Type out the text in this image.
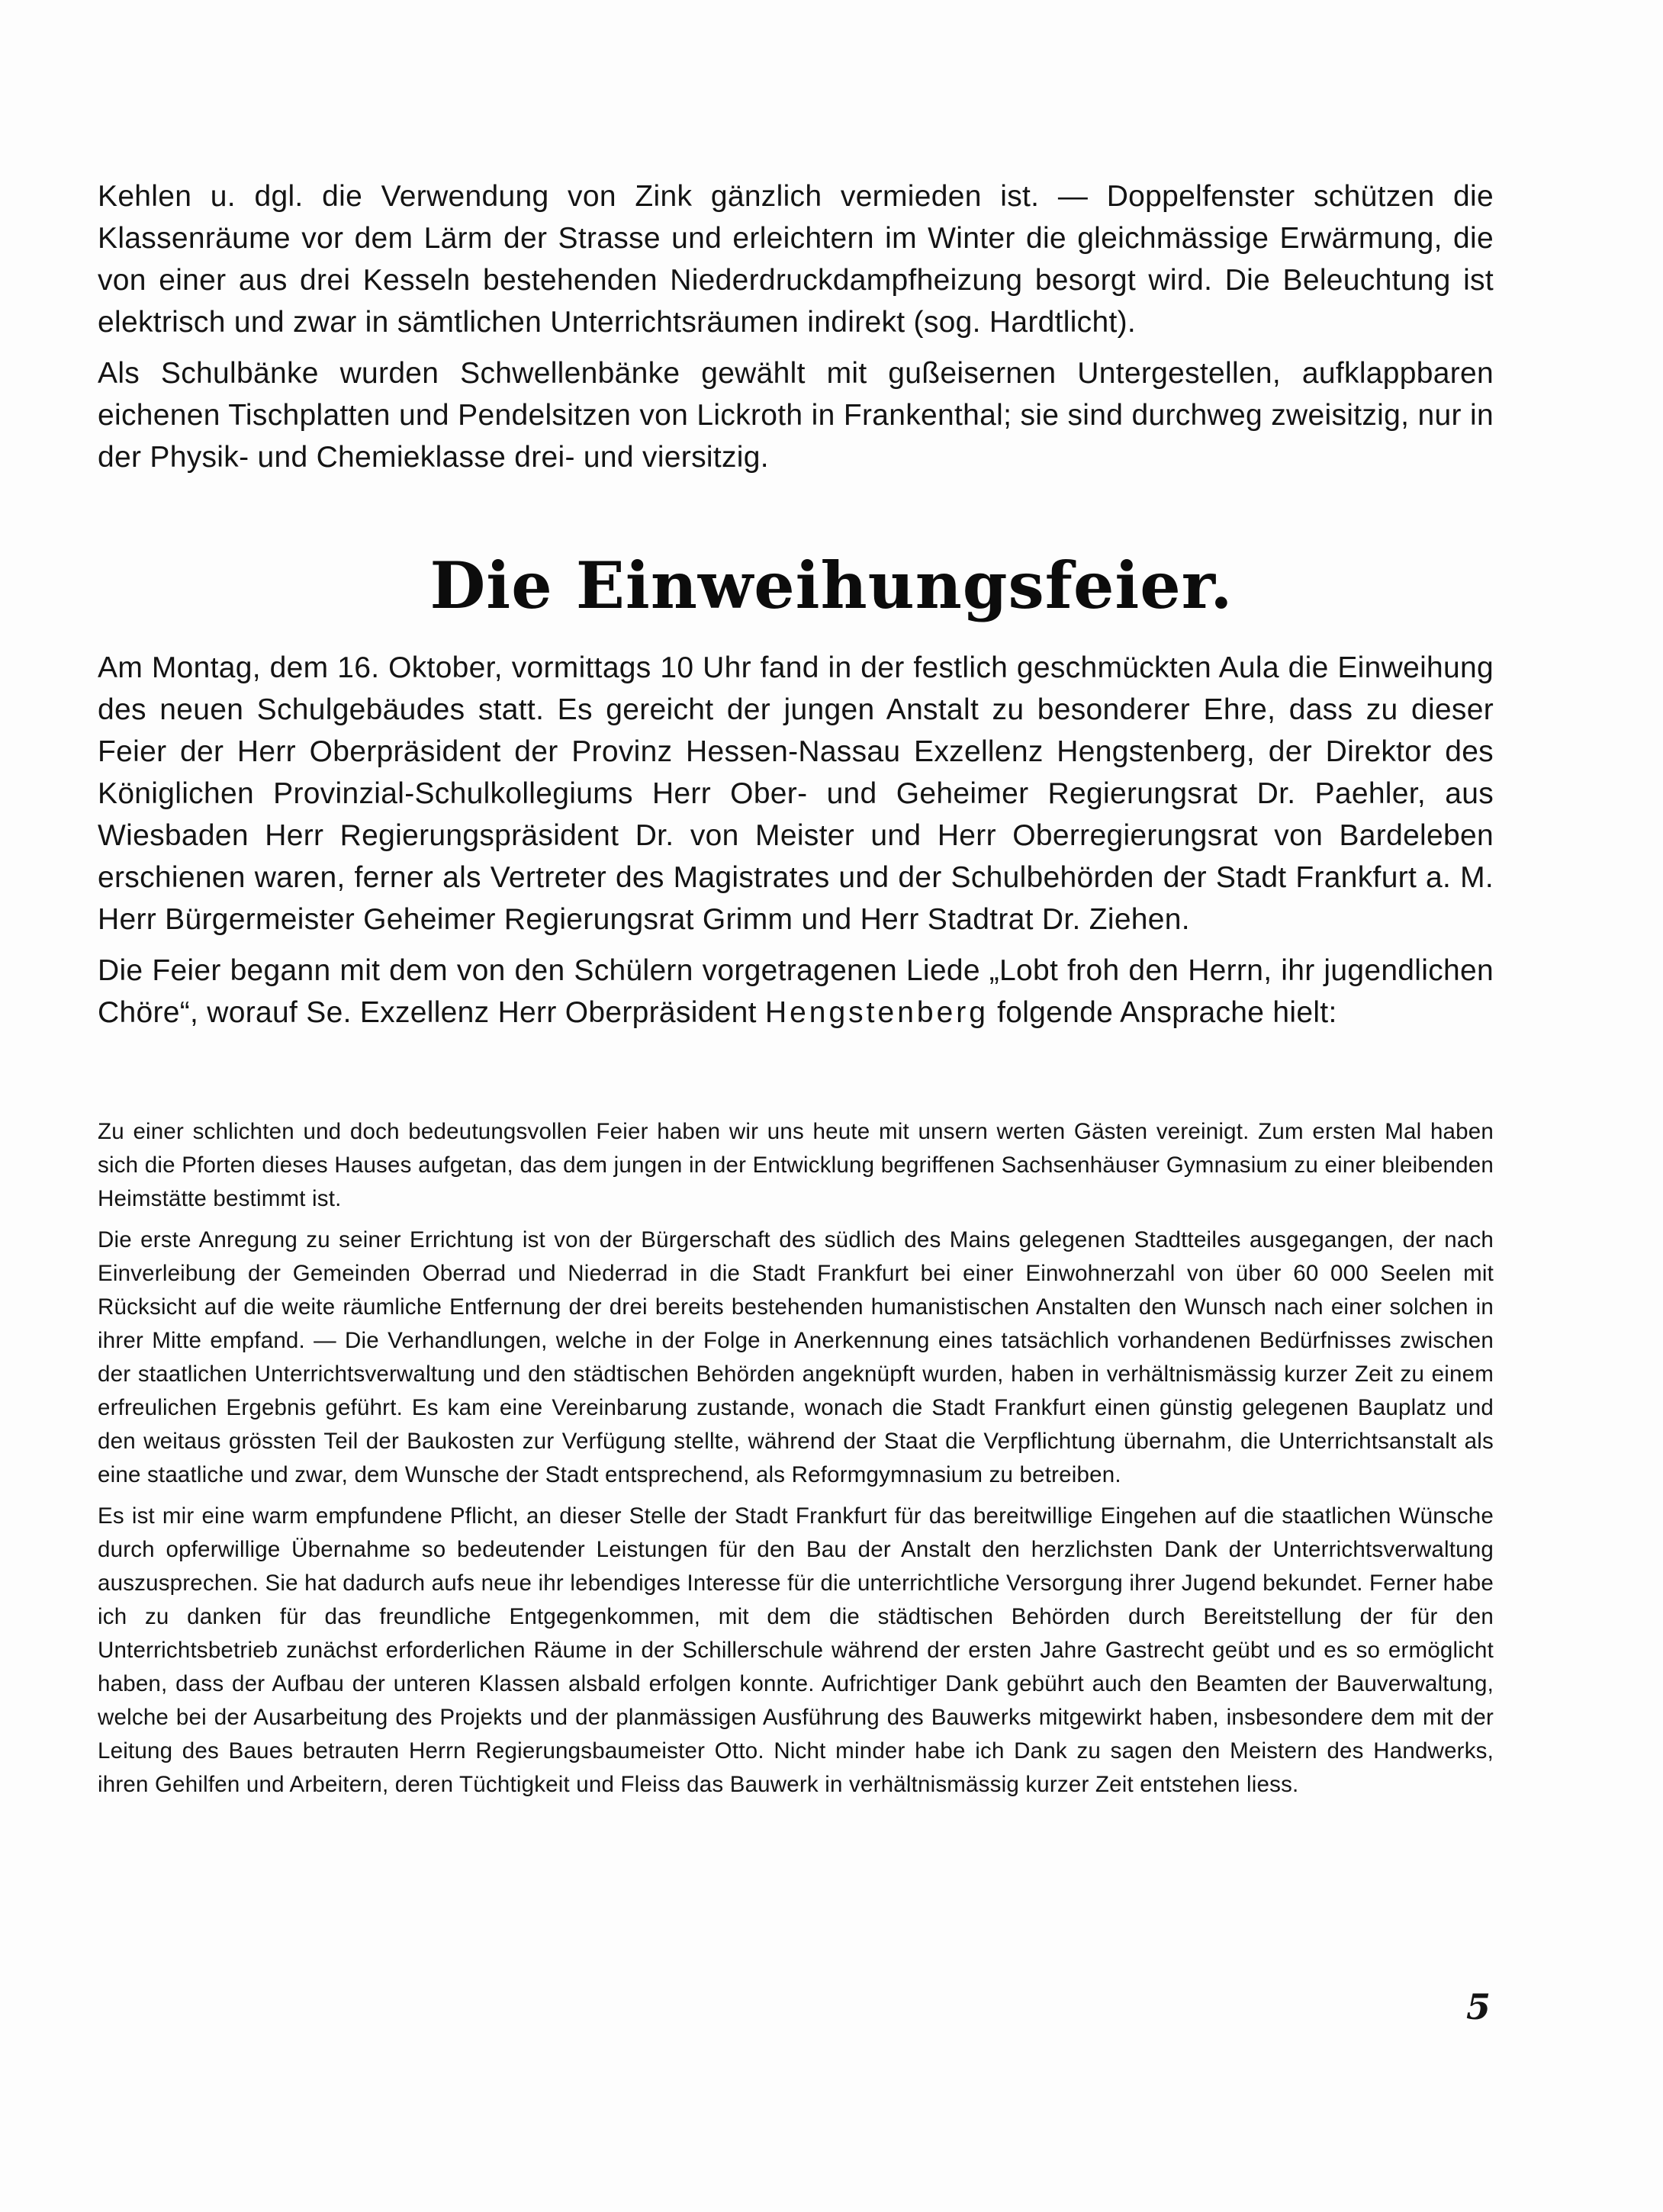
Kehlen u. dgl. die Verwendung von Zink gänzlich vermieden ist. — Doppelfenster schützen die Klassenräume vor dem Lärm der Strasse und erleichtern im Winter die gleichmässige Erwärmung, die von einer aus drei Kesseln bestehenden Niederdruckdampfheizung besorgt wird. Die Beleuchtung ist elektrisch und zwar in sämtlichen Unterrichtsräumen indirekt (sog. Hardtlicht).

Als Schulbänke wurden Schwellenbänke gewählt mit gußeisernen Untergestellen, aufklappbaren eichenen Tischplatten und Pendelsitzen von Lickroth in Frankenthal; sie sind durchweg zweisitzig, nur in der Physik- und Chemieklasse drei- und viersitzig.

Die Einweihungsfeier.

Am Montag, dem 16. Oktober, vormittags 10 Uhr fand in der festlich geschmückten Aula die Einweihung des neuen Schulgebäudes statt. Es gereicht der jungen Anstalt zu besonderer Ehre, dass zu dieser Feier der Herr Oberpräsident der Provinz Hessen-Nassau Exzellenz Hengstenberg, der Direktor des Königlichen Provinzial-Schulkollegiums Herr Ober- und Geheimer Regierungsrat Dr. Paehler, aus Wiesbaden Herr Regierungspräsident Dr. von Meister und Herr Oberregierungsrat von Bardeleben erschienen waren, ferner als Vertreter des Magistrates und der Schulbehörden der Stadt Frankfurt a. M. Herr Bürgermeister Geheimer Regierungsrat Grimm und Herr Stadtrat Dr. Ziehen.

Die Feier begann mit dem von den Schülern vorgetragenen Liede „Lobt froh den Herrn, ihr jugendlichen Chöre“, worauf Se. Exzellenz Herr Oberpräsident Hengstenberg folgende Ansprache hielt:

Zu einer schlichten und doch bedeutungsvollen Feier haben wir uns heute mit unsern werten Gästen vereinigt. Zum ersten Mal haben sich die Pforten dieses Hauses aufgetan, das dem jungen in der Entwicklung begriffenen Sachsenhäuser Gymnasium zu einer bleibenden Heimstätte bestimmt ist.

Die erste Anregung zu seiner Errichtung ist von der Bürgerschaft des südlich des Mains gelegenen Stadtteiles ausgegangen, der nach Einverleibung der Gemeinden Oberrad und Niederrad in die Stadt Frankfurt bei einer Einwohnerzahl von über 60 000 Seelen mit Rücksicht auf die weite räumliche Entfernung der drei bereits bestehenden humanistischen Anstalten den Wunsch nach einer solchen in ihrer Mitte empfand. — Die Verhandlungen, welche in der Folge in Anerkennung eines tatsächlich vorhandenen Bedürfnisses zwischen der staatlichen Unterrichtsverwaltung und den städtischen Behörden angeknüpft wurden, haben in verhältnismässig kurzer Zeit zu einem erfreulichen Ergebnis geführt. Es kam eine Vereinbarung zustande, wonach die Stadt Frankfurt einen günstig gelegenen Bauplatz und den weitaus grössten Teil der Baukosten zur Verfügung stellte, während der Staat die Verpflichtung übernahm, die Unterrichtsanstalt als eine staatliche und zwar, dem Wunsche der Stadt entsprechend, als Reformgymnasium zu betreiben.

Es ist mir eine warm empfundene Pflicht, an dieser Stelle der Stadt Frankfurt für das bereitwillige Eingehen auf die staatlichen Wünsche durch opferwillige Übernahme so bedeutender Leistungen für den Bau der Anstalt den herzlichsten Dank der Unterrichtsverwaltung auszusprechen. Sie hat dadurch aufs neue ihr lebendiges Interesse für die unterrichtliche Versorgung ihrer Jugend bekundet. Ferner habe ich zu danken für das freundliche Entgegenkommen, mit dem die städtischen Behörden durch Bereitstellung der für den Unterrichtsbetrieb zunächst erforderlichen Räume in der Schillerschule während der ersten Jahre Gastrecht geübt und es so ermöglicht haben, dass der Aufbau der unteren Klassen alsbald erfolgen konnte. Aufrichtiger Dank gebührt auch den Beamten der Bauverwaltung, welche bei der Ausarbeitung des Projekts und der planmässigen Ausführung des Bauwerks mitgewirkt haben, insbesondere dem mit der Leitung des Baues betrauten Herrn Regierungsbaumeister Otto. Nicht minder habe ich Dank zu sagen den Meistern des Handwerks, ihren Gehilfen und Arbeitern, deren Tüchtigkeit und Fleiss das Bauwerk in verhältnismässig kurzer Zeit entstehen liess.

5
